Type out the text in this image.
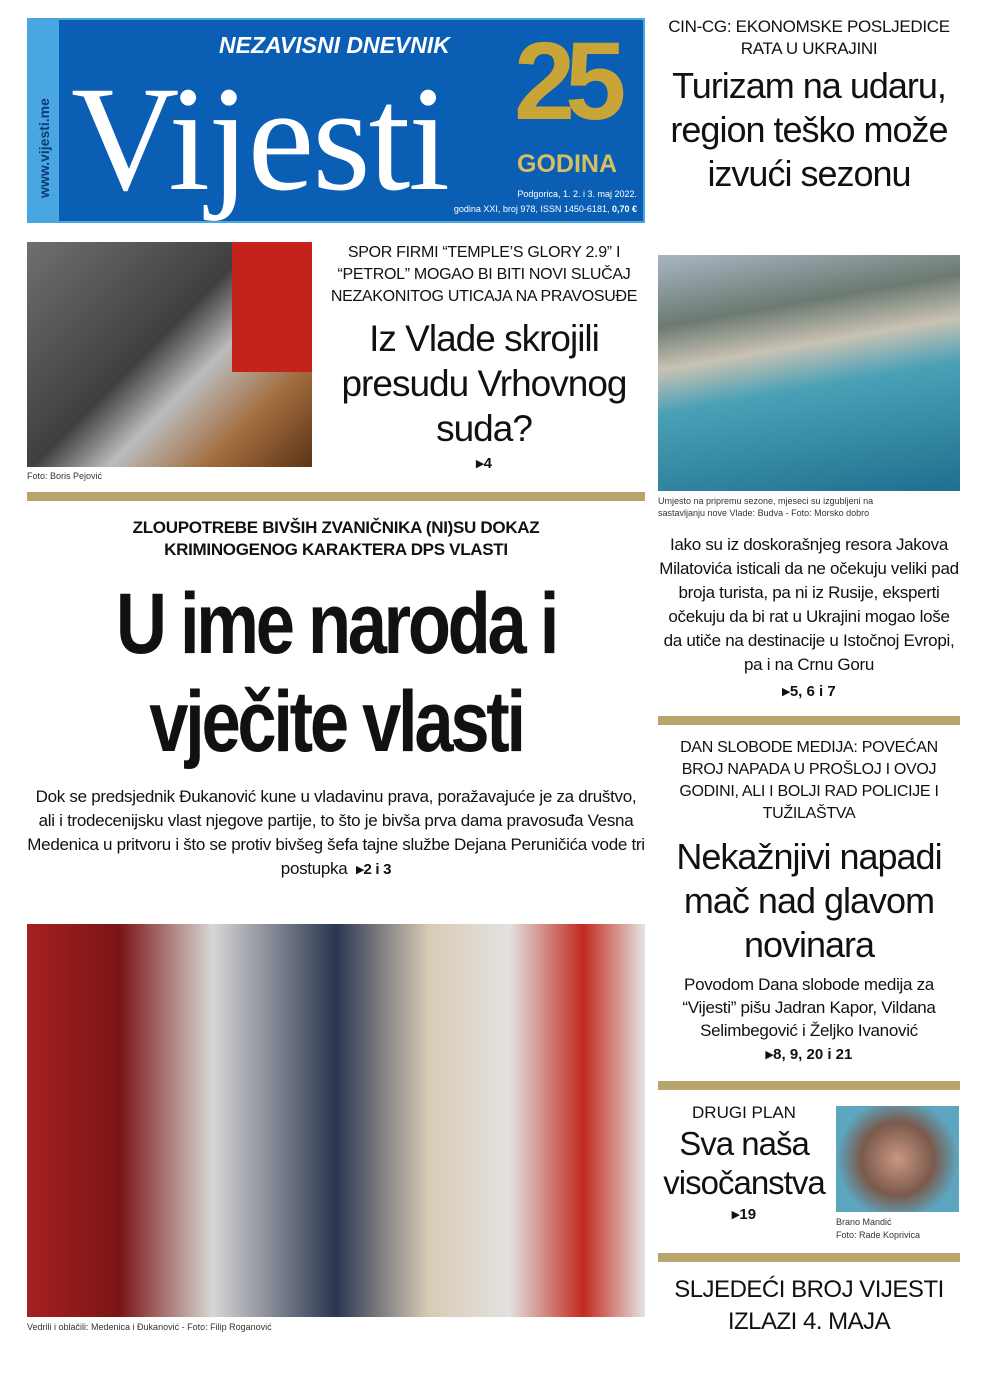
www.vijesti.me
NEZAVISNI DNEVNIK
Vijesti 25
GODINA
Podgorica, 1. 2. i 3. maj 2022.
godina XXI, broj 978, ISSN 1450-6181, 0,70 €
Foto: Boris Pejović
SPOR FIRMI “TEMPLE’S GLORY 2.9” I “PETROL” MOGAO BI BITI NOVI SLUČAJ NEZAKONITOG UTICAJA NA PRAVOSUĐE
Iz Vlade skrojili presudu Vrhovnog suda?
▸4
ZLOUPOTREBE BIVŠIH ZVANIČNIKA (NI)SU DOKAZ KRIMINOGENOG KARAKTERA DPS VLASTI
U ime naroda i vječite vlasti
Dok se predsjednik Đukanović kune u vladavinu prava, poražavajuće je za društvo, ali i trodecenijsku vlast njegove partije, to što je bivša prva dama pravosuđa Vesna Medenica u pritvoru i što se protiv bivšeg šefa tajne službe Dejana Peruničića vode tri postupka ▸2 i 3
Vedrili i oblačili: Medenica i Đukanović - Foto: Filip Roganović
CIN-CG: EKONOMSKE POSLJEDICE RATA U UKRAJINI
Turizam na udaru, region teško može izvući sezonu
Umjesto na pripremu sezone, mjeseci su izgubljeni na sastavljanju nove Vlade: Budva - Foto: Morsko dobro
Iako su iz doskorašnjeg resora Jakova Milatovića isticali da ne očekuju veliki pad broja turista, pa ni iz Rusije, eksperti očekuju da bi rat u Ukrajini mogao loše da utiče na destinacije u Istočnoj Evropi, pa i na Crnu Goru
▸5, 6 i 7
DAN SLOBODE MEDIJA: POVEĆAN BROJ NAPADA U PROŠLOJ I OVOJ GODINI, ALI I BOLJI RAD POLICIJE I TUŽILAŠTVA
Nekažnjivi napadi mač nad glavom novinara
Povodom Dana slobode medija za “Vijesti” pišu Jadran Kapor, Vildana Selimbegović i Željko Ivanović
▸8, 9, 20 i 21
DRUGI PLAN
Sva naša visočanstva
▸19	Brano Mandić
Foto: Rade Koprivica
SLJEDEĆI BROJ VIJESTI IZLAZI 4. MAJA
